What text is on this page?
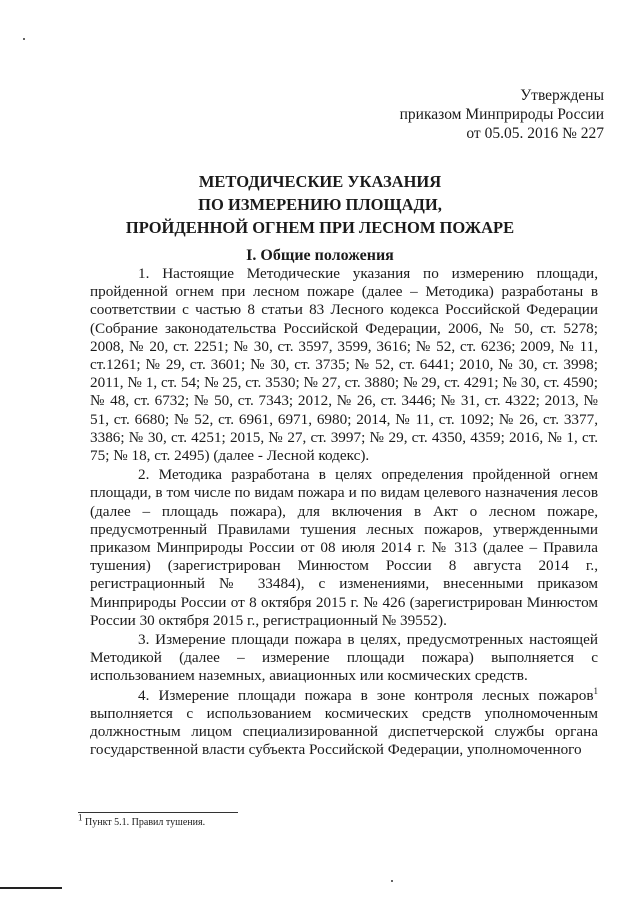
Утверждены
приказом Минприроды России
от 05.05. 2016 № 227
МЕТОДИЧЕСКИЕ УКАЗАНИЯ
ПО ИЗМЕРЕНИЮ ПЛОЩАДИ,
ПРОЙДЕННОЙ ОГНЕМ ПРИ ЛЕСНОМ ПОЖАРЕ
I. Общие положения

1. Настоящие Методические указания по измерению площади, пройденной огнем при лесном пожаре (далее – Методика) разработаны в соответствии с частью 8 статьи 83 Лесного кодекса Российской Федерации (Собрание законодательства Российской Федерации, 2006, № 50, ст. 5278; 2008, № 20, ст. 2251; № 30, ст. 3597, 3599, 3616; № 52, ст. 6236; 2009, № 11, ст.1261; № 29, ст. 3601; № 30, ст. 3735; № 52, ст. 6441; 2010, № 30, ст. 3998; 2011, № 1, ст. 54; № 25, ст. 3530; № 27, ст. 3880; № 29, ст. 4291; № 30, ст. 4590; № 48, ст. 6732; № 50, ст. 7343; 2012, № 26, ст. 3446; № 31, ст. 4322; 2013, № 51, ст. 6680; № 52, ст. 6961, 6971, 6980; 2014, № 11, ст. 1092; № 26, ст. 3377, 3386; № 30, ст. 4251; 2015, № 27, ст. 3997; № 29, ст. 4350, 4359; 2016, № 1, ст. 75; № 18, ст. 2495) (далее - Лесной кодекс).

2. Методика разработана в целях определения пройденной огнем площади, в том числе по видам пожара и по видам целевого назначения лесов (далее – площадь пожара), для включения в Акт о лесном пожаре, предусмотренный Правилами тушения лесных пожаров, утвержденными приказом Минприроды России от 08 июля 2014 г. № 313 (далее – Правила тушения) (зарегистрирован Минюстом России 8 августа 2014 г., регистрационный № 33484), с изменениями, внесенными приказом Минприроды России от 8 октября 2015 г. № 426 (зарегистрирован Минюстом России 30 октября 2015 г., регистрационный № 39552).

3. Измерение площади пожара в целях, предусмотренных настоящей Методикой (далее – измерение площади пожара) выполняется с использованием наземных, авиационных или космических средств.

4. Измерение площади пожара в зоне контроля лесных пожаров$^1$ выполняется с использованием космических средств уполномоченным должностным лицом специализированной диспетчерской службы органа государственной власти субъекта Российской Федерации, уполномоченного

$^1$ Пункт 5.1. Правил тушения.
